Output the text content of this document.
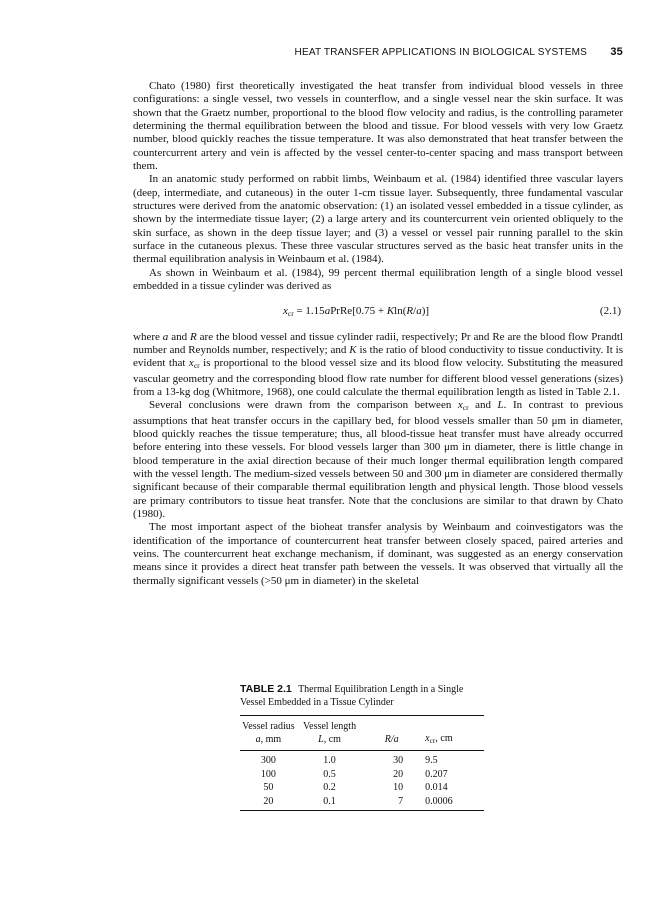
HEAT TRANSFER APPLICATIONS IN BIOLOGICAL SYSTEMS 35

Chato (1980) first theoretically investigated the heat transfer from individual blood vessels in three configurations: a single vessel, two vessels in counterflow, and a single vessel near the skin surface. It was shown that the Graetz number, proportional to the blood flow velocity and radius, is the controlling parameter determining the thermal equilibration between the blood and tissue. For blood vessels with very low Graetz number, blood quickly reaches the tissue temperature. It was also demonstrated that heat transfer between the countercurrent artery and vein is affected by the vessel center-to-center spacing and mass transport between them.

In an anatomic study performed on rabbit limbs, Weinbaum et al. (1984) identified three vascular layers (deep, intermediate, and cutaneous) in the outer 1-cm tissue layer. Subsequently, three fundamental vascular structures were derived from the anatomic observation: (1) an isolated vessel embedded in a tissue cylinder, as shown by the intermediate tissue layer; (2) a large artery and its countercurrent vein oriented obliquely to the skin surface, as shown in the deep tissue layer; and (3) a vessel or vessel pair running parallel to the skin surface in the cutaneous plexus. These three vascular structures served as the basic heat transfer units in the thermal equilibration analysis in Weinbaum et al. (1984).

As shown in Weinbaum et al. (1984), 99 percent thermal equilibration length of a single blood vessel embedded in a tissue cylinder was derived as

$x_{cr}$ = 1.15aPrRe[0.75 + Kln(R/a)]	(2.1)

where a and R are the blood vessel and tissue cylinder radii, respectively; Pr and Re are the blood flow Prandtl number and Reynolds number, respectively; and K is the ratio of blood conductivity to tissue conductivity. It is evident that $x_{cr}$ is proportional to the blood vessel size and its blood flow velocity. Substituting the measured vascular geometry and the corresponding blood flow rate number for different blood vessel generations (sizes) from a 13-kg dog (Whitmore, 1968), one could calculate the thermal equilibration length as listed in Table 2.1.

Several conclusions were drawn from the comparison between $x_{cr}$ and L. In contrast to previous assumptions that heat transfer occurs in the capillary bed, for blood vessels smaller than 50 μm in diameter, blood quickly reaches the tissue temperature; thus, all blood-tissue heat transfer must have already occurred before entering into these vessels. For blood vessels larger than 300 μm in diameter, there is little change in blood temperature in the axial direction because of their much longer thermal equilibration length compared with the vessel length. The medium-sized vessels between 50 and 300 μm in diameter are considered thermally significant because of their comparable thermal equilibration length and physical length. Those blood vessels are primary contributors to tissue heat transfer. Note that the conclusions are similar to that drawn by Chato (1980).

The most important aspect of the bioheat transfer analysis by Weinbaum and coinvestigators was the identification of the importance of countercurrent heat transfer between closely spaced, paired arteries and veins. The countercurrent heat exchange mechanism, if dominant, was suggested as an energy conservation means since it provides a direct heat transfer path between the vessels. It was observed that virtually all the thermally significant vessels (>50 μm in diameter) in the skeletal

TABLE 2.1 Thermal Equilibration Length in a Single Vessel Embedded in a Tissue Cylinder
Vessel radius	Vessel length		
a, mm	L, cm	R/a	$x_{cr}$, cm
300	1.0	30	9.5
100	0.5	20	0.207
50	0.2	10	0.014
20	0.1	7	0.0006
